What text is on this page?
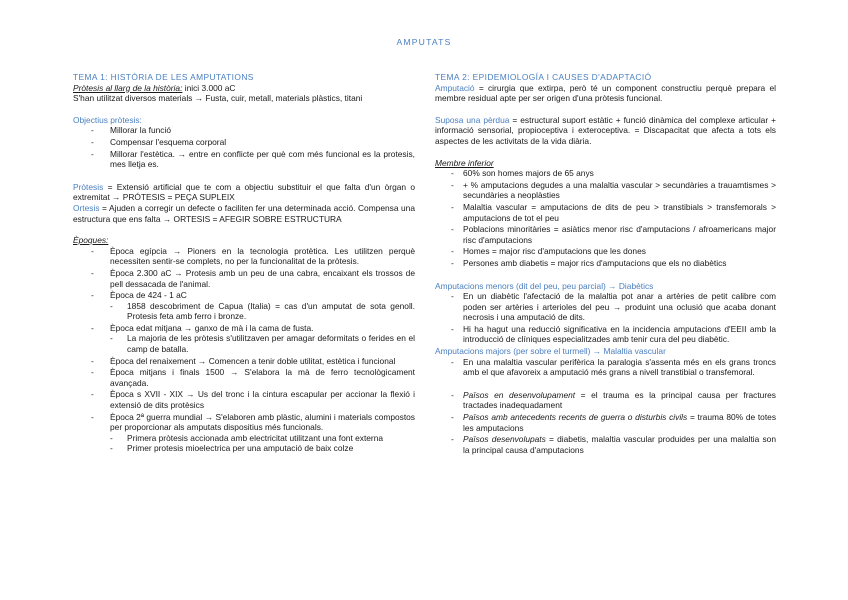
AMPUTATS
TEMA 1: HISTÒRIA DE LES AMPUTATIONS
Pròtesis al llarg de la història: inici 3.000 aC
S'han utilitzat diversos materials → Fusta, cuir, metall, materials plàstics, titani
Objectius pròtesis:
- Millorar la funció
- Compensar l'esquema corporal
- Millorar l'estètica. → entre en conflicte per què com més funcional es la protesis, mes lletja es.
Pròtesis = Extensió artificial que te com a objectiu substituir el que falta d'un òrgan o extremitat → PRÓTESIS = PEÇA SUPLEIX
Ortesis = Ajuden a corregir un defecte o faciliten fer una determinada acció. Compensa una estructura que ens falta → ORTESIS = AFEGIR SOBRE ESTRUCTURA
Èpoques:
- Època egípcia → Pioners en la tecnologia protètica. Les utilitzen perquè necessiten sentir-se complets, no per la funcionalitat de la pròtesis.
- Època 2.300 aC → Protesis amb un peu de una cabra, encaixant els trossos de pell dessacada de l'animal.
- Època de 424 - 1 aC
- 1858 descobriment de Capua (Italia) = cas d'un amputat de sota genoll. Protesis feta amb ferro i bronze.
- Època edat mitjana → ganxo de mà i la cama de fusta.
- La majoria de les pròtesis s'utilitzaven per amagar deformitats o ferides en el camp de batalla.
- Època del renaixement → Comencen a tenir doble utilitat, estètica i funcional
- Època mitjans i finals 1500 → S'elabora la mà de ferro tecnològicament avançada.
- Època s XVII - XIX → Us del tronc i la cintura escapular per accionar la flexió i extensió de dits protèsics
- Època 2ª guerra mundial → S'elaboren amb plàstic, alumini i materials compostos per proporcionar als amputats dispositius més funcionals.
- Primera pròtesis accionada amb electricitat utilitzant una font externa
- Primer protesis mioelectrica per una amputació de baix colze
TEMA 2: EPIDEMIOLOGÍA I CAUSES D'ADAPTACIÓ
Amputació = cirurgia que extirpa, però té un component constructiu perquè prepara el membre residual apte per ser origen d'una pròtesis funcional.
Suposa una pèrdua = estructural suport estàtic + funció dinàmica del complexe articular + informació sensorial, propioceptiva i exteroceptiva. = Discapacitat que afecta a tots els aspectes de les activitats de la vida diària.
Membre inferior
- 60% son homes majors de 65 anys
- + % amputacions degudes a una malaltia vascular > secundàries a trauamtismes > secundàries a neoplàsties
- Malaltia vascular = amputacions de dits de peu > transtibials > transfemorals > amputacions de tot el peu
- Poblacions minoritàries = asiàtics menor risc d'amputacions / afroamericans major risc d'amputacions
- Homes = major risc d'amputacions que les dones
- Persones amb diabetis = major rics d'amputacions que els no diabètics
Amputacions menors (dit del peu, peu parcial) → Diabètics
- En un diabètic l'afectació de la malaltia pot anar a artèries de petit calibre com poden ser artèries i arterioles del peu → produint una oclusió que acaba donant necrosis i una amputació de dits.
- Hi ha hagut una reducció significativa en la incidencia amputacions d'EEII amb la introducció de clíniques especialitzades amb tenir cura del peu diabètic.
Amputacions majors (per sobre el turmell) → Malaltia vascular
- En una malaltia vascular perifèrica la paralogia s'assenta més en els grans troncs amb el que afavoreix a amputació més grans a nivell transtibial o transfemoral.
- Països en desenvolupament = el trauma es la principal causa per fractures tractades inadequadament
- Països amb antecedents recents de guerra o disturbis civils = trauma 80% de totes les amputacions
- Països desenvolupats = diabetis, malaltia vascular produides per una malaltia son la principal causa d'amputacions
